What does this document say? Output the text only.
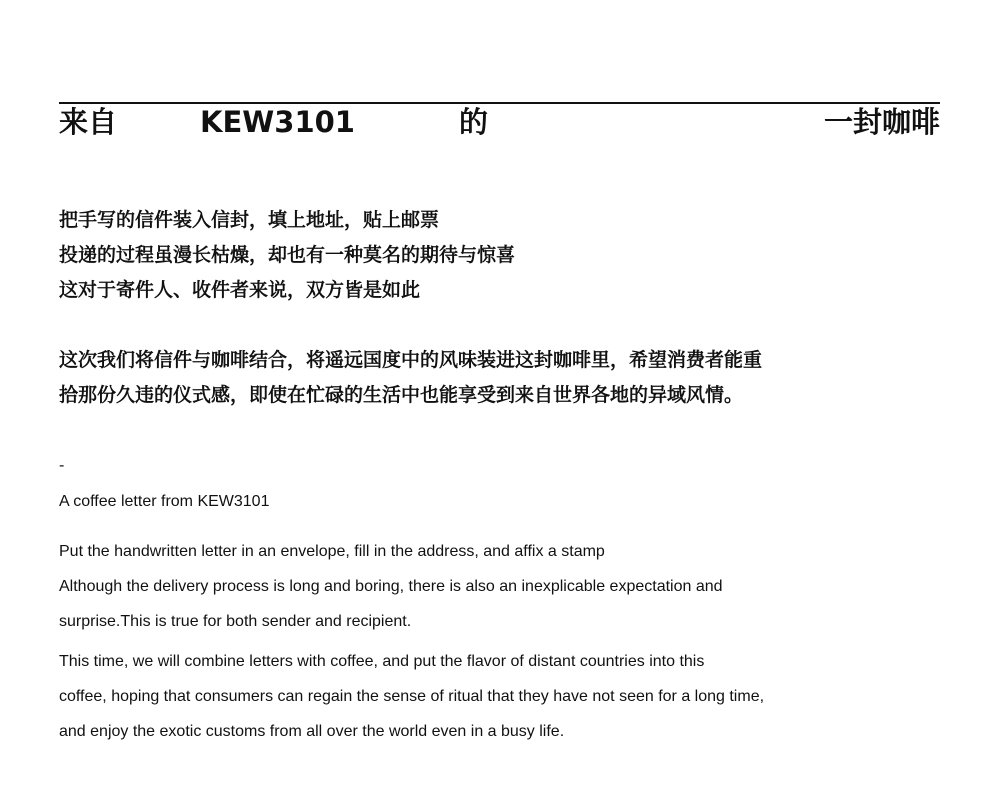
来自	KEW3101	的	一封咖啡
把手写的信件装入信封，填上地址，贴上邮票
投递的过程虽漫长枯燥，却也有一种莫名的期待与惊喜
这对于寄件人、收件者来说，双方皆是如此
这次我们将信件与咖啡结合，将遥远国度中的风味装进这封咖啡里，希望消费者能重
拾那份久违的仪式感，即使在忙碌的生活中也能享受到来自世界各地的异域风情。
-
A coffee letter from KEW3101
Put the handwritten letter in an envelope, fill in the address, and affix a stamp
Although the delivery process is long and boring, there is also an inexplicable expectation and
surprise.This is true for both sender and recipient.
This time, we will combine letters with coffee, and put the flavor of distant countries into this
coffee, hoping that consumers can regain the sense of ritual that they have not seen for a long time,
and enjoy the exotic customs from all over the world even in a busy life.
